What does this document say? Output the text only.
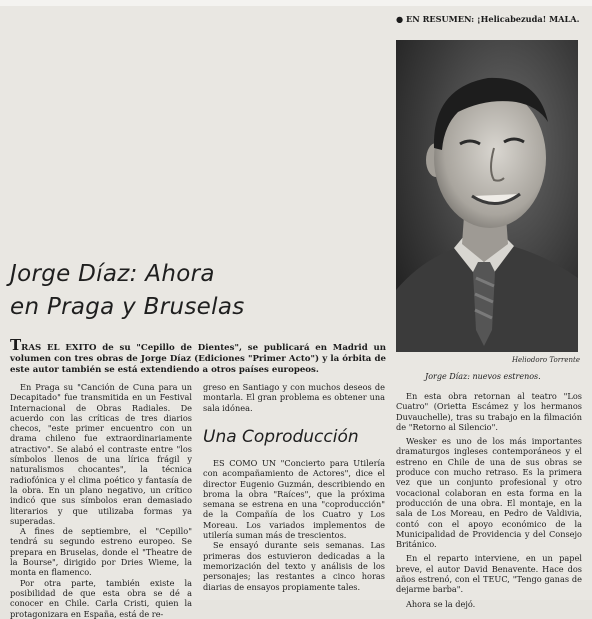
Jorge Díaz: Ahora
en Praga y Bruselas
TRAS EL EXITO de su "Cepillo de Dientes", se publicará en Madrid un volumen con tres obras de Jorge Díaz (Ediciones "Primer Acto") y la órbita de este autor también se está extendiendo a otros países europeos.

En Praga su "Canción de Cuna para un Decapitado" fue transmitida en un Festival Internacional de Obras Radiales. De acuerdo con las críticas de tres diarios checos, "este primer encuentro con un drama chileno fue extraordinariamente atractivo". Se alabó el contraste entre "los símbolos llenos de una lírica frágil y naturalismos chocantes", la técnica radiofónica y el clima poético y fantasía de la obra. En un plano negativo, un crítico indicó que sus símbolos eran demasiado literarios y que utilizaba formas ya superadas.

A fines de septiembre, el "Cepillo" tendrá su segundo estreno europeo. Se prepara en Bruselas, donde el "Theatre de la Bourse", dirigido por Dries Wieme, la monta en flamenco.

Por otra parte, también existe la posibilidad de que esta obra se dé a conocer en Chile. Carla Cristi, quien la protagonizara en España, está de re-

greso en Santiago y con muchos deseos de montarla. El gran problema es obtener una sala idónea.

Una Coproducción

ES COMO UN "Concierto para Utilería con acompañamiento de Actores", dice el director Eugenio Guzmán, describiendo en broma la obra "Raíces", que la próxima semana se estrena en una "coproducción" de la Compañía de los Cuatro y Los Moreau. Los variados implementos de utilería suman más de trescientos.

Se ensayó durante seis semanas. Las primeras dos estuvieron dedicadas a la memorización del texto y análisis de los personajes; las restantes a cinco horas diarias de ensayos propiamente tales.

● EN RESUMEN: ¡Helicabezuda! MALA.
Heliodoro Torrente
Jorge Díaz: nuevos estrenos.

En esta obra retornan al teatro "Los Cuatro" (Orietta Escámez y los hermanos Duvauchelle), tras su trabajo en la filmación de "Retorno al Silencio".

Wesker es uno de los más importantes dramaturgos ingleses contemporáneos y el estreno en Chile de una de sus obras se produce con mucho retraso. Es la primera vez que un conjunto profesional y otro vocacional colaboran en esta forma en la producción de una obra. El montaje, en la sala de Los Moreau, en Pedro de Valdivia, contó con el apoyo económico de la Municipalidad de Providencia y del Consejo Británico.

En el reparto interviene, en un papel breve, el autor David Benavente. Hace dos años estrenó, con el TEUC, "Tengo ganas de dejarme barba".

Ahora se la dejó.
